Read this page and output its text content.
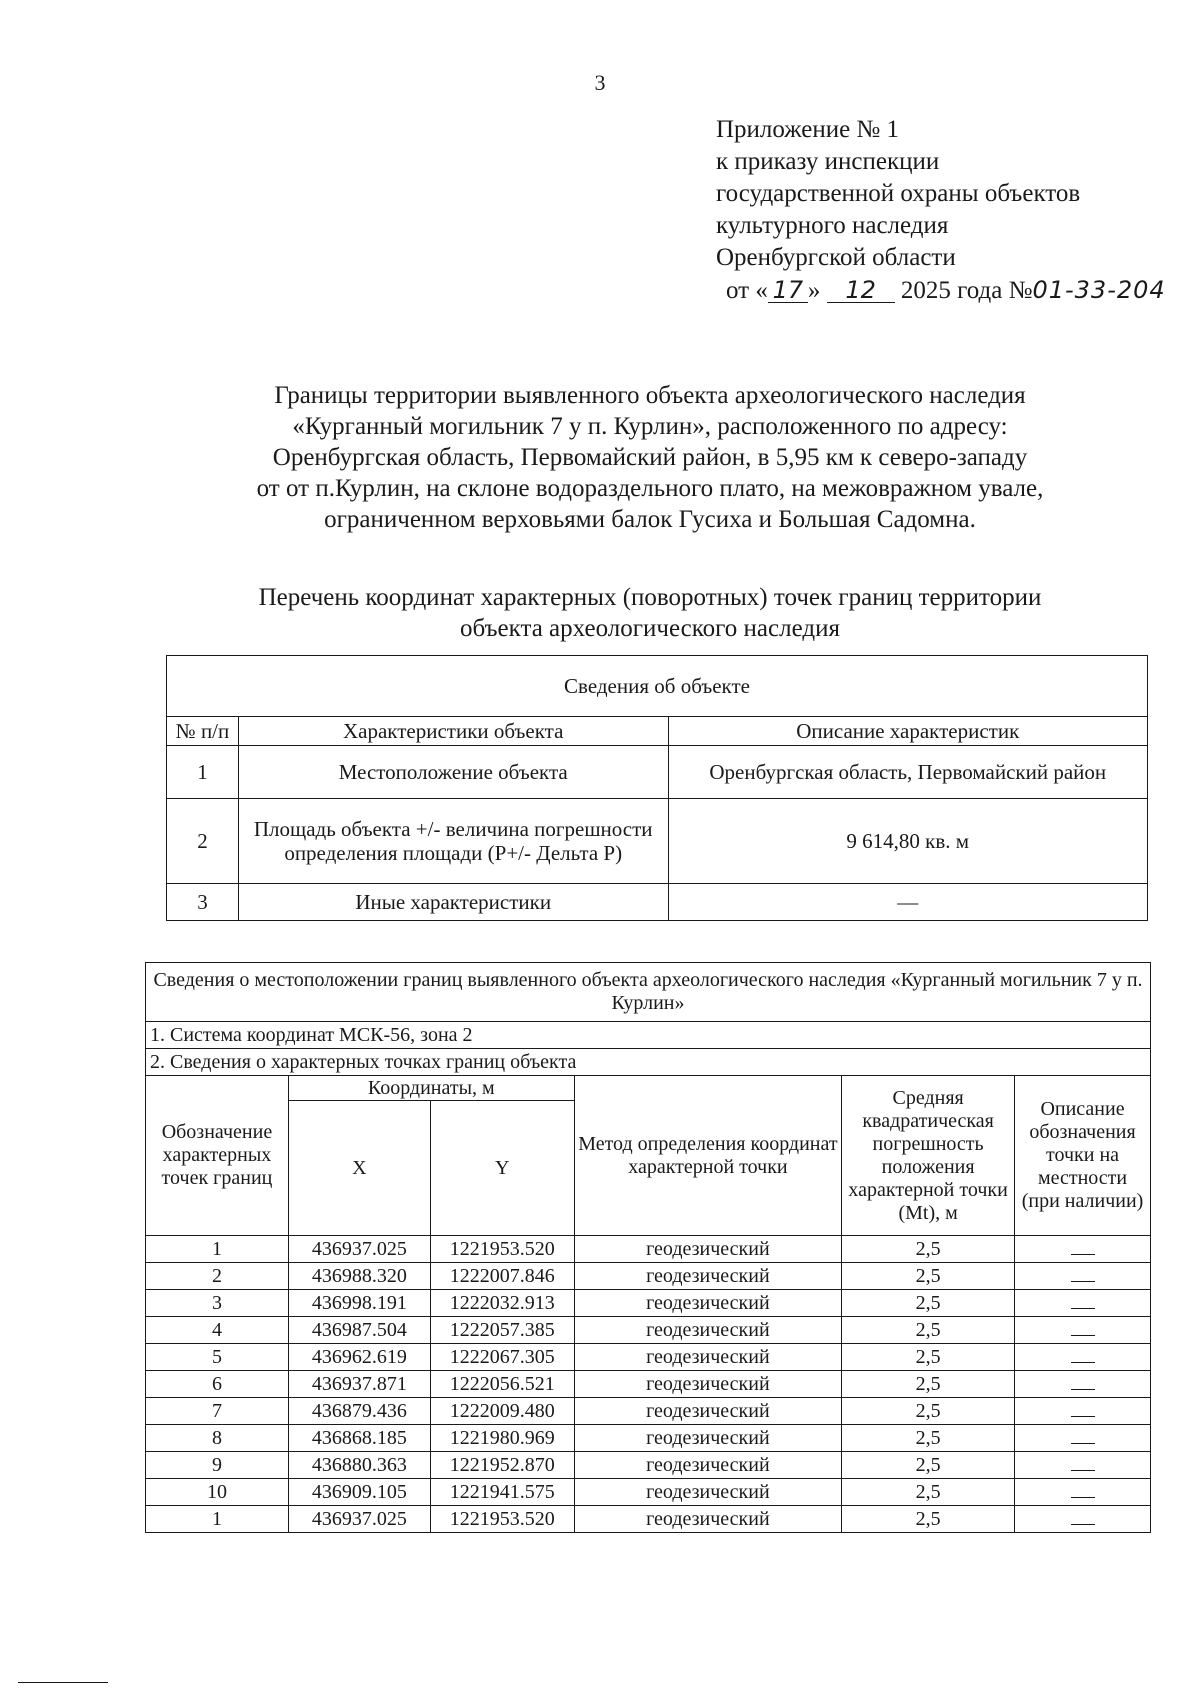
3
Приложение № 1
к приказу инспекции
государственной охраны объектов
культурного наследия
Оренбургской области
от « 17 » 12 2025 года №01-33-204
Границы территории выявленного объекта археологического наследия
«Курганный могильник 7 у п. Курлин», расположенного по адресу:
Оренбургская область, Первомайский район, в 5,95 км к северо-западу
от от п.Курлин, на склоне водораздельного плато, на межовражном увале,
ограниченном верховьями балок Гусиха и Большая Садомна.
Перечень координат характерных (поворотных) точек границ территории
объекта археологического наследия
Сведения об объекте		
№ п/п	Характеристики объекта	Описание характеристик
1	Местоположение объекта	Оренбургская область, Первомайский район
2	Площадь объекта +/- величина погрешности определения площади (Р+/- Дельта Р)	9 614,80 кв. м
3	Иные характеристики	—
Сведения о местоположении границ выявленного объекта археологического наследия «Курганный могильник 7 у п. Курлин»					
1. Система координат МСК-56, зона 2					
2. Сведения о характерных точках границ объекта					
Обозначение характерных точек границ	Координаты, м		Метод определения координат характерной точки	Средняя квадратическая погрешность положения характерной точки (Mt), м	Описание обозначения точки на местности (при наличии)
	X	Y			
1	436937.025	1221953.520	геодезический	2,5	
2	436988.320	1222007.846	геодезический	2,5	
3	436998.191	1222032.913	геодезический	2,5	
4	436987.504	1222057.385	геодезический	2,5	
5	436962.619	1222067.305	геодезический	2,5	
6	436937.871	1222056.521	геодезический	2,5	
7	436879.436	1222009.480	геодезический	2,5	
8	436868.185	1221980.969	геодезический	2,5	
9	436880.363	1221952.870	геодезический	2,5	
10	436909.105	1221941.575	геодезический	2,5	
1	436937.025	1221953.520	геодезический	2,5	
